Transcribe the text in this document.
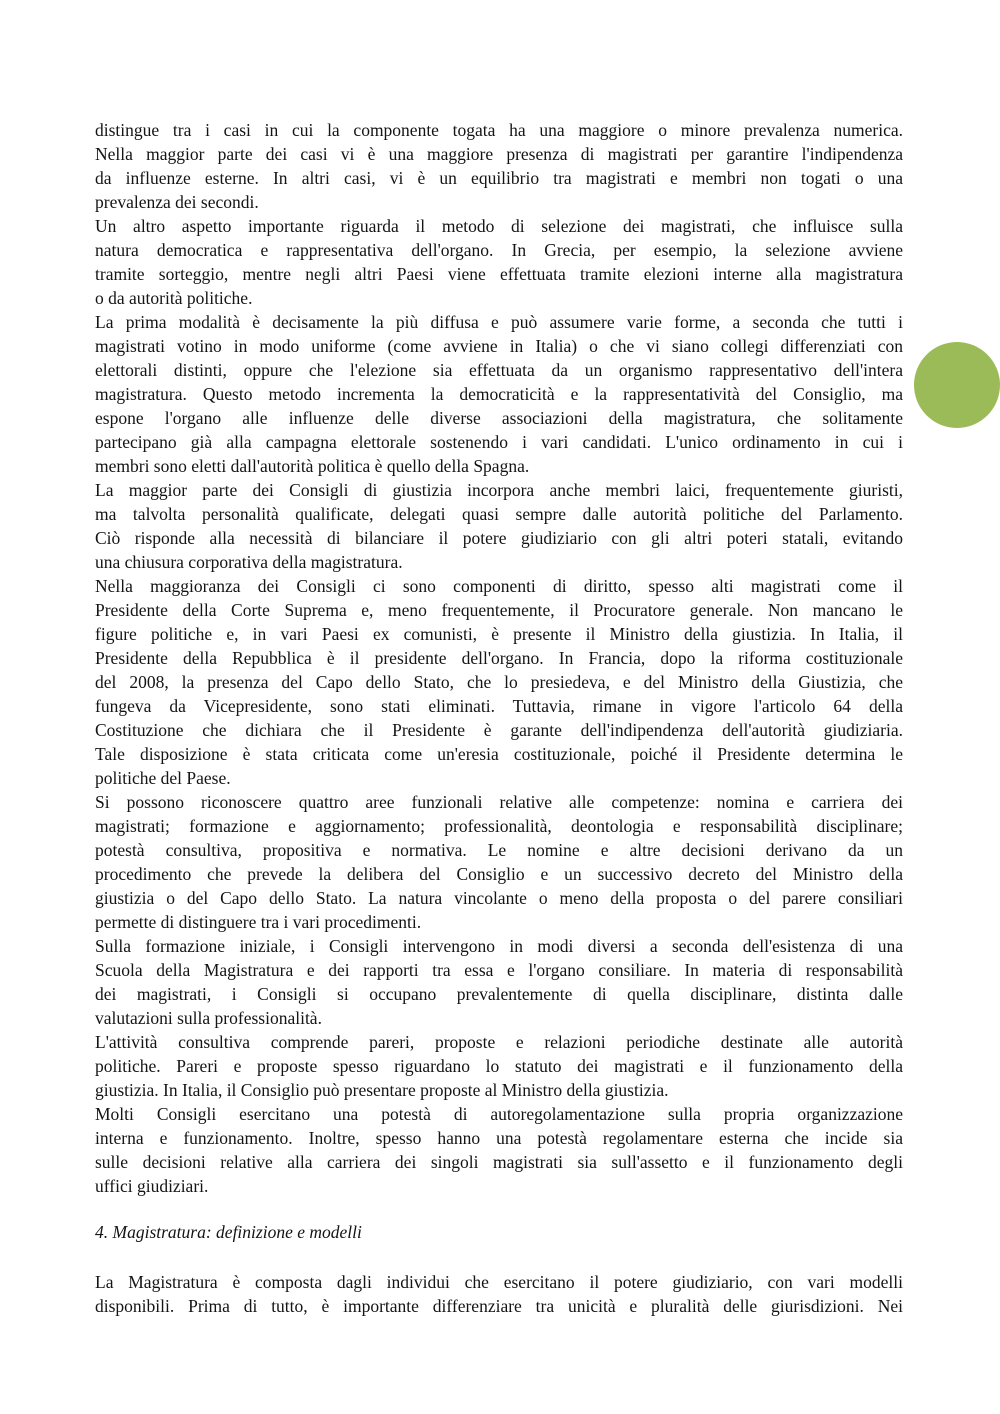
distingue tra i casi in cui la componente togata ha una maggiore o minore prevalenza numerica.
Nella maggior parte dei casi vi è una maggiore presenza di magistrati per garantire l'indipendenza
da influenze esterne. In altri casi, vi è un equilibrio tra magistrati e membri non togati o una
prevalenza dei secondi.
Un altro aspetto importante riguarda il metodo di selezione dei magistrati, che influisce sulla
natura democratica e rappresentativa dell'organo. In Grecia, per esempio, la selezione avviene
tramite sorteggio, mentre negli altri Paesi viene effettuata tramite elezioni interne alla magistratura
o da autorità politiche.
La prima modalità è decisamente la più diffusa e può assumere varie forme, a seconda che tutti i
magistrati votino in modo uniforme (come avviene in Italia) o che vi siano collegi differenziati con
elettorali distinti, oppure che l'elezione sia effettuata da un organismo rappresentativo dell'intera
magistratura. Questo metodo incrementa la democraticità e la rappresentatività del Consiglio, ma
espone l'organo alle influenze delle diverse associazioni della magistratura, che solitamente
partecipano già alla campagna elettorale sostenendo i vari candidati. L'unico ordinamento in cui i
membri sono eletti dall'autorità politica è quello della Spagna.
La maggior parte dei Consigli di giustizia incorpora anche membri laici, frequentemente giuristi,
ma talvolta personalità qualificate, delegati quasi sempre dalle autorità politiche del Parlamento.
Ciò risponde alla necessità di bilanciare il potere giudiziario con gli altri poteri statali, evitando
una chiusura corporativa della magistratura.
Nella maggioranza dei Consigli ci sono componenti di diritto, spesso alti magistrati come il
Presidente della Corte Suprema e, meno frequentemente, il Procuratore generale. Non mancano le
figure politiche e, in vari Paesi ex comunisti, è presente il Ministro della giustizia. In Italia, il
Presidente della Repubblica è il presidente dell'organo. In Francia, dopo la riforma costituzionale
del 2008, la presenza del Capo dello Stato, che lo presiedeva, e del Ministro della Giustizia, che
fungeva da Vicepresidente, sono stati eliminati. Tuttavia, rimane in vigore l'articolo 64 della
Costituzione che dichiara che il Presidente è garante dell'indipendenza dell'autorità giudiziaria.
Tale disposizione è stata criticata come un'eresia costituzionale, poiché il Presidente determina le
politiche del Paese.
Si possono riconoscere quattro aree funzionali relative alle competenze: nomina e carriera dei
magistrati; formazione e aggiornamento; professionalità, deontologia e responsabilità disciplinare;
potestà consultiva, propositiva e normativa. Le nomine e altre decisioni derivano da un
procedimento che prevede la delibera del Consiglio e un successivo decreto del Ministro della
giustizia o del Capo dello Stato. La natura vincolante o meno della proposta o del parere consiliari
permette di distinguere tra i vari procedimenti.
Sulla formazione iniziale, i Consigli intervengono in modi diversi a seconda dell'esistenza di una
Scuola della Magistratura e dei rapporti tra essa e l'organo consiliare. In materia di responsabilità
dei magistrati, i Consigli si occupano prevalentemente di quella disciplinare, distinta dalle
valutazioni sulla professionalità.
L'attività consultiva comprende pareri, proposte e relazioni periodiche destinate alle autorità
politiche. Pareri e proposte spesso riguardano lo statuto dei magistrati e il funzionamento della
giustizia. In Italia, il Consiglio può presentare proposte al Ministro della giustizia.
Molti Consigli esercitano una potestà di autoregolamentazione sulla propria organizzazione
interna e funzionamento. Inoltre, spesso hanno una potestà regolamentare esterna che incide sia
sulle decisioni relative alla carriera dei singoli magistrati sia sull'assetto e il funzionamento degli
uffici giudiziari.
4. Magistratura: definizione e modelli
La Magistratura è composta dagli individui che esercitano il potere giudiziario, con vari modelli
disponibili. Prima di tutto, è importante differenziare tra unicità e pluralità delle giurisdizioni. Nei
